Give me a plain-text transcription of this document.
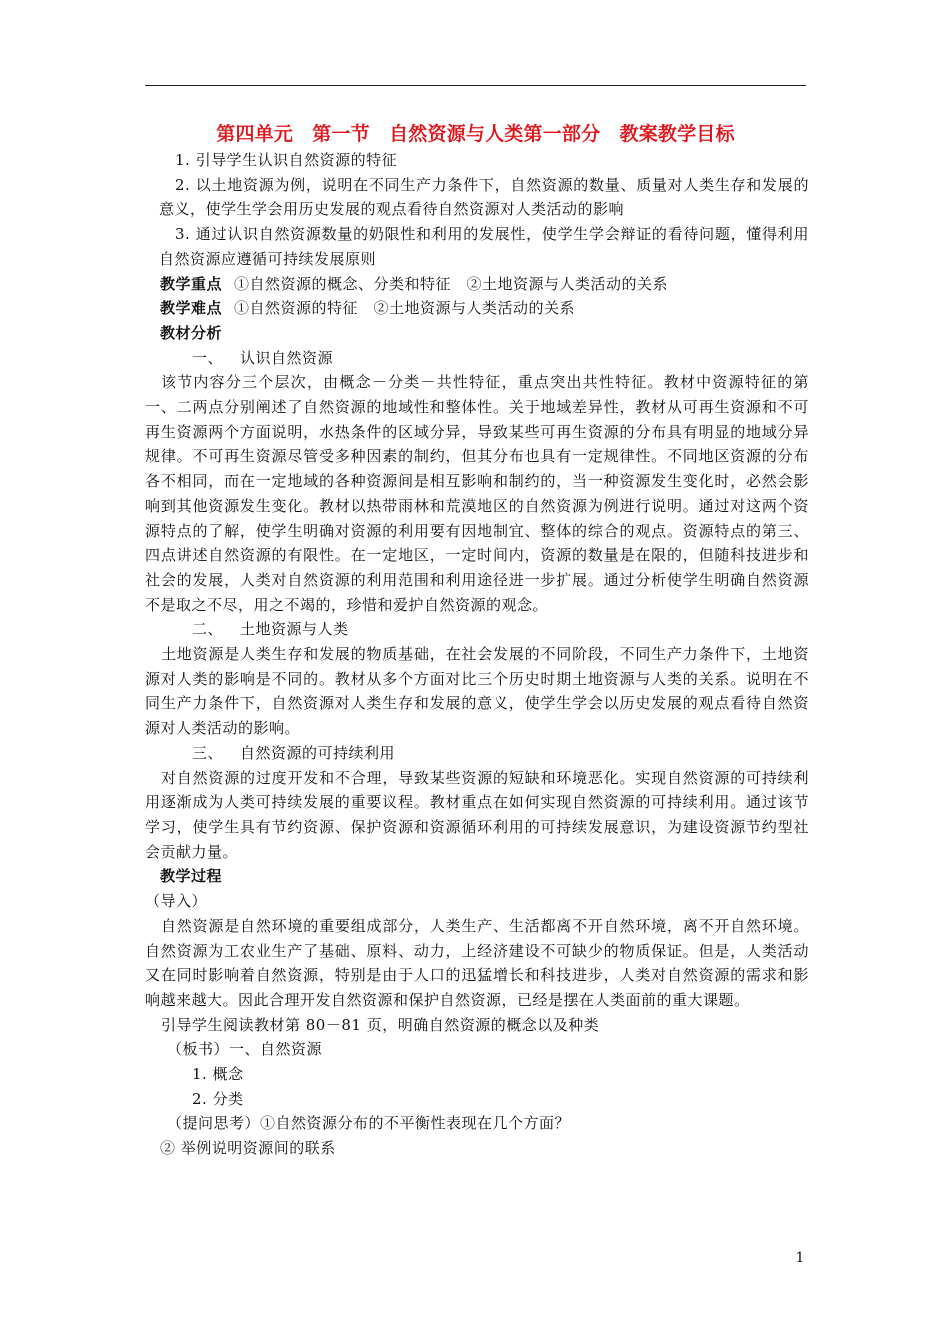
第四单元　第一节　自然资源与人类第一部分　教案教学目标

1. 引导学生认识自然资源的特征

2. 以土地资源为例，说明在不同生产力条件下，自然资源的数量、质量对人类生存和发展的意义，使学生学会用历史发展的观点看待自然资源对人类活动的影响

3. 通过认识自然资源数量的奶限性和利用的发展性，使学生学会辩证的看待问题，懂得利用自然资源应遵循可持续发展原则

教学重点 ①自然资源的概念、分类和特征　②土地资源与人类活动的关系

教学难点 ①自然资源的特征　②土地资源与人类活动的关系

教材分析

一、 认识自然资源

该节内容分三个层次，由概念－分类－共性特征，重点突出共性特征。教材中资源特征的第一、二两点分别阐述了自然资源的地域性和整体性。关于地域差异性，教材从可再生资源和不可再生资源两个方面说明，水热条件的区域分异，导致某些可再生资源的分布具有明显的地域分异规律。不可再生资源尽管受多种因素的制约，但其分布也具有一定规律性。不同地区资源的分布各不相同，而在一定地域的各种资源间是相互影响和制约的，当一种资源发生变化时，必然会影响到其他资源发生变化。教材以热带雨林和荒漠地区的自然资源为例进行说明。通过对这两个资源特点的了解，使学生明确对资源的利用要有因地制宜、整体的综合的观点。资源特点的第三、四点讲述自然资源的有限性。在一定地区，一定时间内，资源的数量是在限的，但随科技进步和社会的发展，人类对自然资源的利用范围和利用途径进一步扩展。通过分析使学生明确自然资源不是取之不尽，用之不竭的，珍惜和爱护自然资源的观念。

二、 土地资源与人类

土地资源是人类生存和发展的物质基础，在社会发展的不同阶段，不同生产力条件下，土地资源对人类的影响是不同的。教材从多个方面对比三个历史时期土地资源与人类的关系。说明在不同生产力条件下，自然资源对人类生存和发展的意义，使学生学会以历史发展的观点看待自然资源对人类活动的影响。

三、 自然资源的可持续利用

对自然资源的过度开发和不合理，导致某些资源的短缺和环境恶化。实现自然资源的可持续利用逐渐成为人类可持续发展的重要议程。教材重点在如何实现自然资源的可持续利用。通过该节学习，使学生具有节约资源、保护资源和资源循环利用的可持续发展意识，为建设资源节约型社会贡献力量。

教学过程

（导入）

自然资源是自然环境的重要组成部分，人类生产、生活都离不开自然环境，离不开自然环境。自然资源为工农业生产了基础、原料、动力，上经济建设不可缺少的物质保证。但是，人类活动又在同时影响着自然资源，特别是由于人口的迅猛增长和科技进步，人类对自然资源的需求和影响越来越大。因此合理开发自然资源和保护自然资源，已经是摆在人类面前的重大课题。

引导学生阅读教材第 80－81 页，明确自然资源的概念以及种类

（板书）一、自然资源

1. 概念

2. 分类

（提问思考）①自然资源分布的不平衡性表现在几个方面？

② 举例说明资源间的联系

1
